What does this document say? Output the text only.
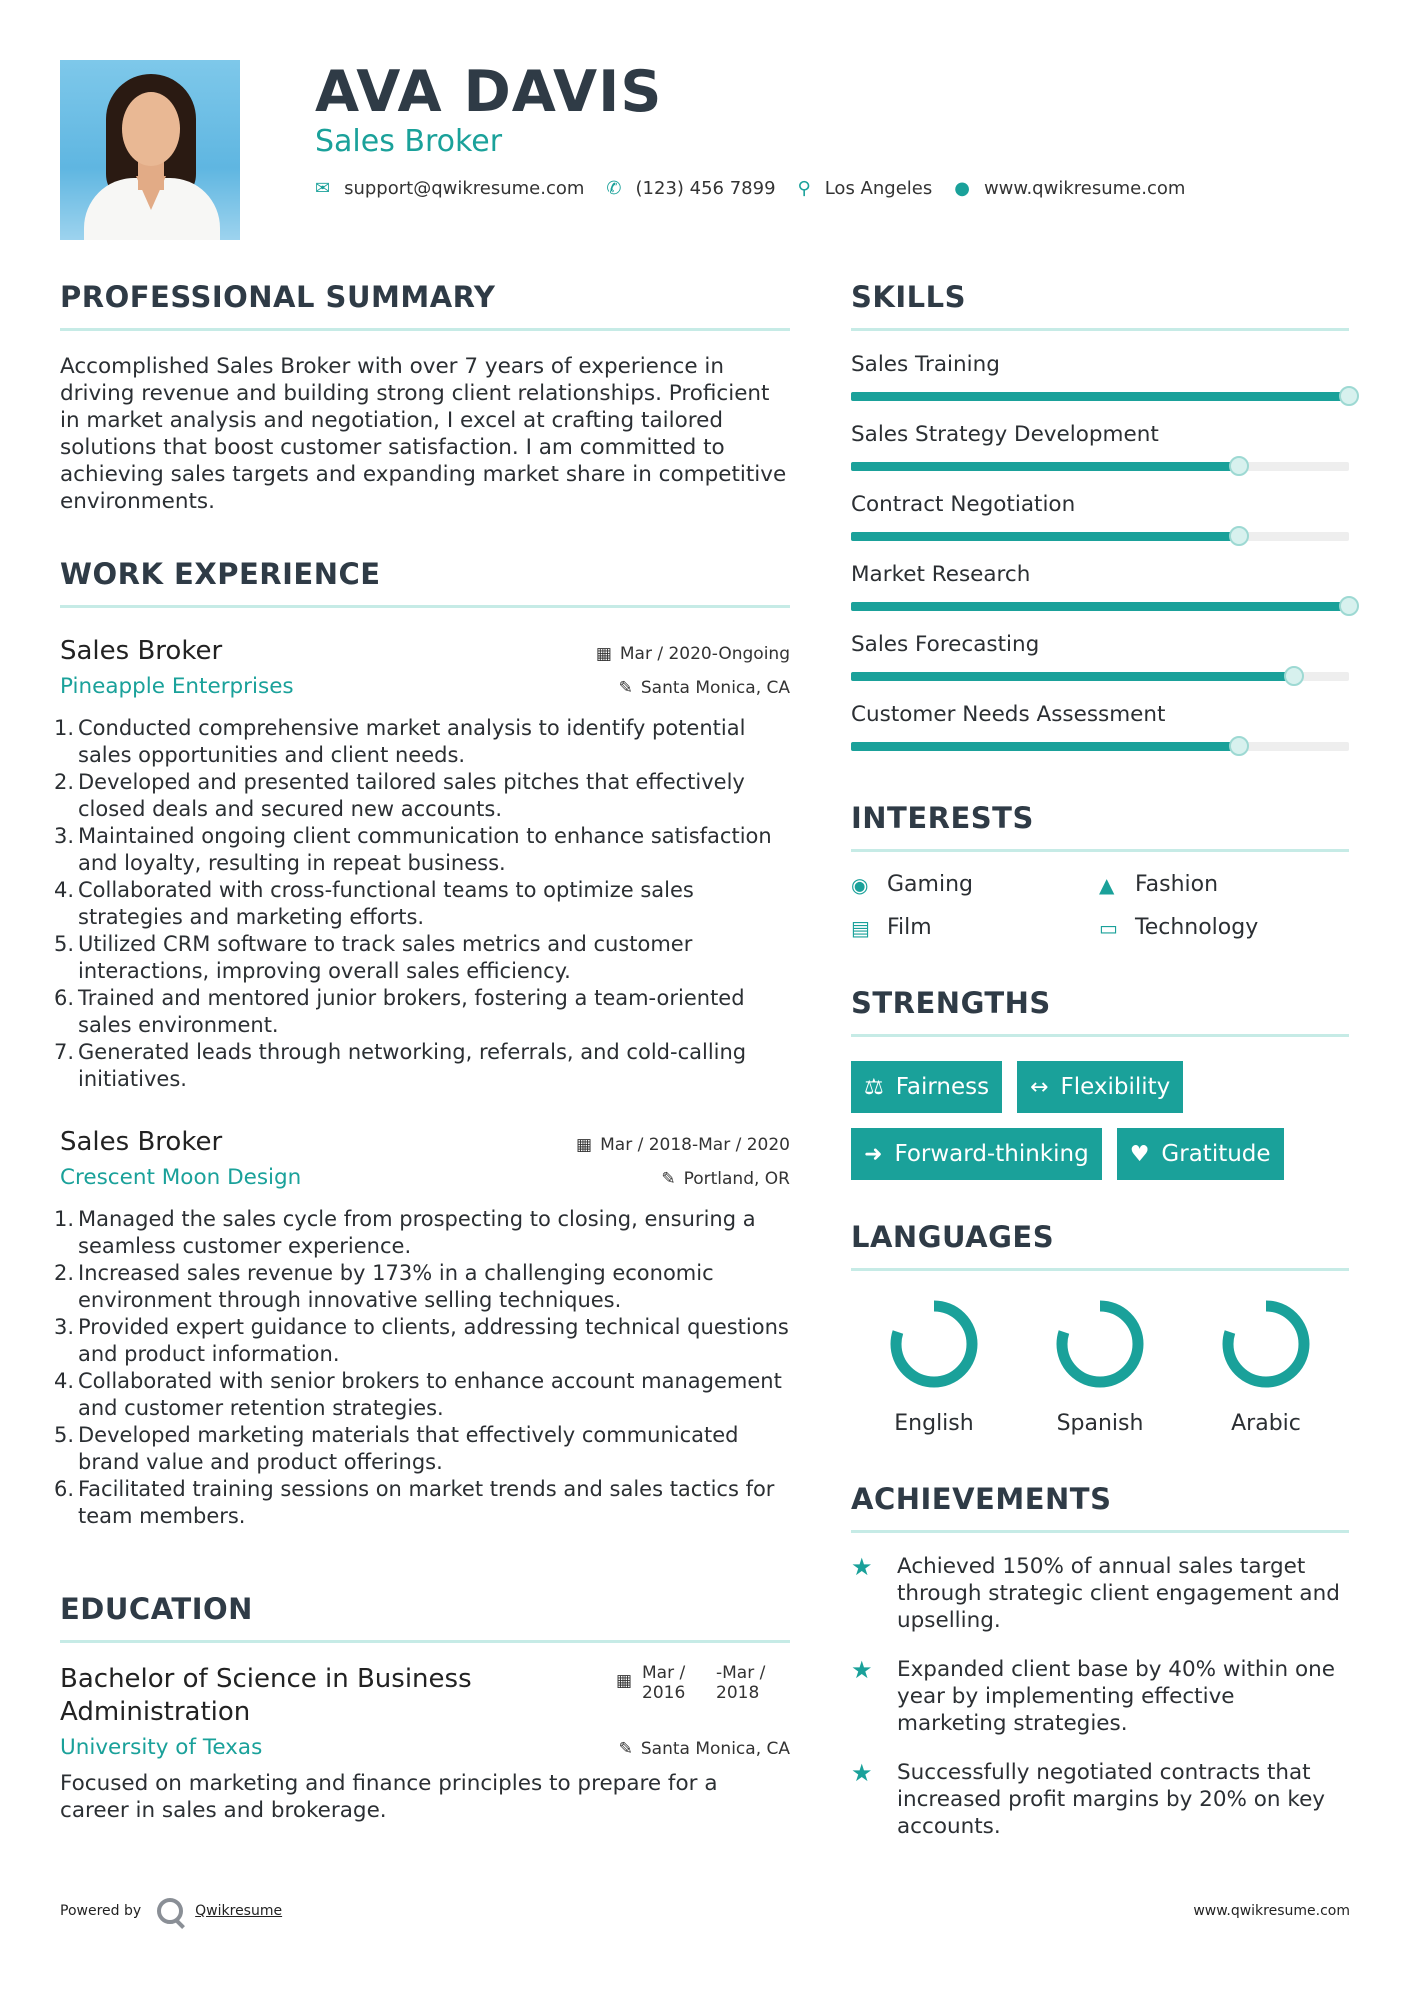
AVA DAVIS
Sales Broker
✉ support@qwikresume.com ✆ (123) 456 7899 ⚲ Los Angeles ● www.qwikresume.com
PROFESSIONAL SUMMARY

Accomplished Sales Broker with over 7 years of experience in driving revenue and building strong client relationships. Proficient in market analysis and negotiation, I excel at crafting tailored solutions that boost customer satisfaction. I am committed to achieving sales targets and expanding market share in competitive environments.

WORK EXPERIENCE
Sales Broker	▦ Mar / 2020-Ongoing
Pineapple Enterprises	✎ Santa Monica, CA
1. Conducted comprehensive market analysis to identify potential sales opportunities and client needs.
2. Developed and presented tailored sales pitches that effectively closed deals and secured new accounts.
3. Maintained ongoing client communication to enhance satisfaction and loyalty, resulting in repeat business.
4. Collaborated with cross-functional teams to optimize sales strategies and marketing efforts.
5. Utilized CRM software to track sales metrics and customer interactions, improving overall sales efficiency.
6. Trained and mentored junior brokers, fostering a team-oriented sales environment.
7. Generated leads through networking, referrals, and cold-calling initiatives.
Sales Broker	▦ Mar / 2018-Mar / 2020
Crescent Moon Design	✎ Portland, OR
1. Managed the sales cycle from prospecting to closing, ensuring a seamless customer experience.
2. Increased sales revenue by 173% in a challenging economic environment through innovative selling techniques.
3. Provided expert guidance to clients, addressing technical questions and product information.
4. Collaborated with senior brokers to enhance account management and customer retention strategies.
5. Developed marketing materials that effectively communicated brand value and product offerings.
6. Facilitated training sessions on market trends and sales tactics for team members.
EDUCATION
Bachelor of Science in Business Administration
▦ Mar /
2016
-Mar /
2018
University of Texas	✎ Santa Monica, CA

Focused on marketing and finance principles to prepare for a career in sales and brokerage.

SKILLS
Sales Training
Sales Strategy Development
Contract Negotiation
Market Research
Sales Forecasting
Customer Needs Assessment
INTERESTS
◉ Gaming	▲ Fashion
▤ Film	▭ Technology
STRENGTHS
⚖ Fairness ↔ Flexibility
➜ Forward-thinking ♥ Gratitude
LANGUAGES
English	Spanish	Arabic
ACHIEVEMENTS
★	Achieved 150% of annual sales target through strategic client engagement and upselling.
★	Expanded client base by 40% within one year by implementing effective marketing strategies.
★	Successfully negotiated contracts that increased profit margins by 20% on key accounts.
Powered by	Qwikresume	www.qwikresume.com
